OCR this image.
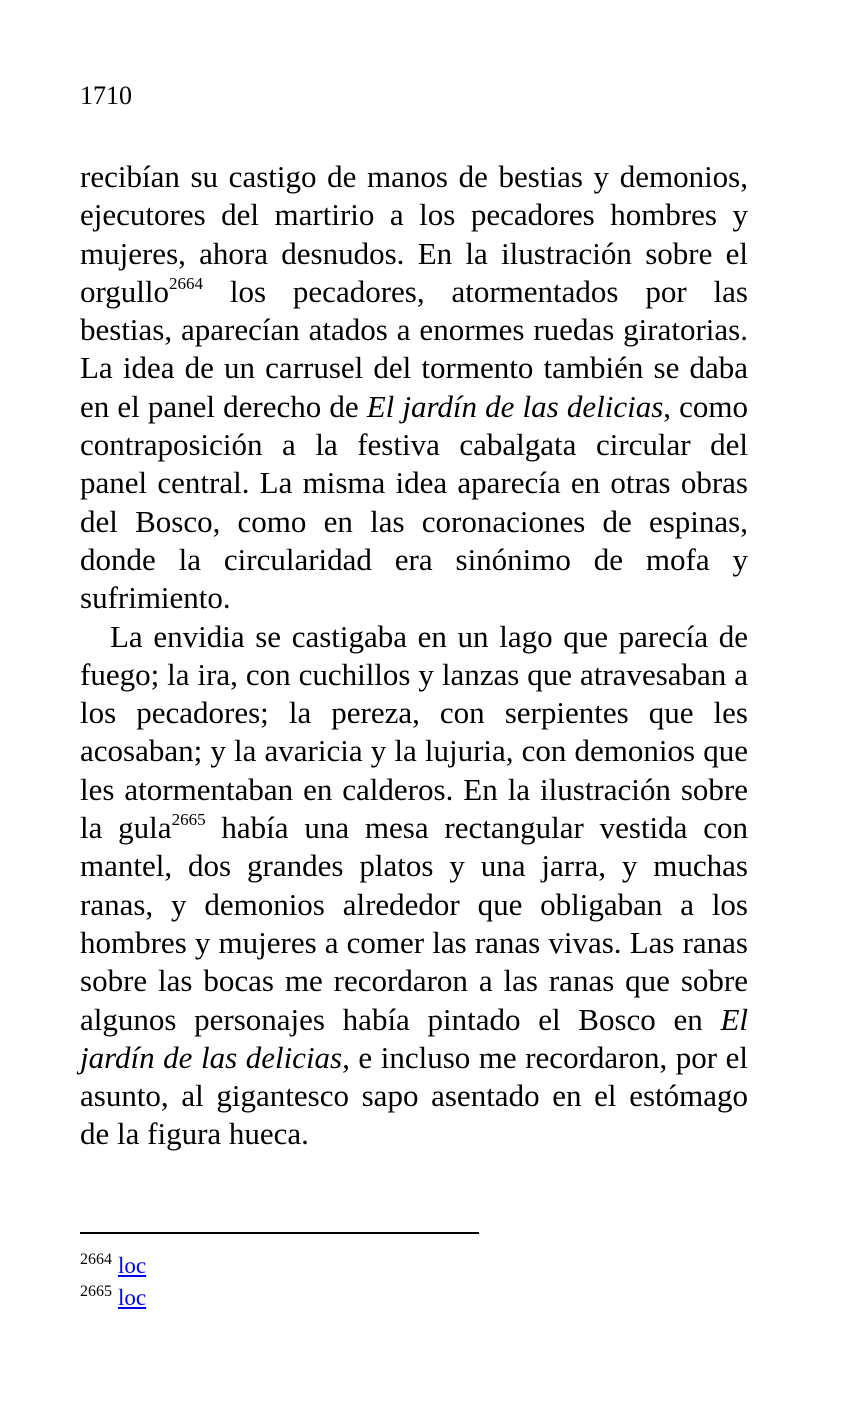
1710

recibían su castigo de manos de bestias y demonios, ejecutores del martirio a los pecadores hombres y mujeres, ahora desnudos. En la ilustración sobre el orgullo$^{2664}$ los pecadores, atormentados por las bestias, aparecían atados a enormes ruedas giratorias. La idea de un carrusel del tormento también se daba en el panel derecho de El jardín de las delicias, como contraposición a la festiva cabalgata circular del panel central. La misma idea aparecía en otras obras del Bosco, como en las coronaciones de espinas, donde la circularidad era sinónimo de mofa y sufrimiento.

La envidia se castigaba en un lago que parecía de fuego; la ira, con cuchillos y lanzas que atravesaban a los pecadores; la pereza, con serpientes que les acosaban; y la avaricia y la lujuria, con demonios que les atormentaban en calderos. En la ilustración sobre la gula$^{2665}$ había una mesa rectangular vestida con mantel, dos grandes platos y una jarra, y muchas ranas, y demonios alrededor que obligaban a los hombres y mujeres a comer las ranas vivas. Las ranas sobre las bocas me recordaron a las ranas que sobre algunos personajes había pintado el Bosco en El jardín de las delicias, e incluso me recordaron, por el asunto, al gigantesco sapo asentado en el estómago de la figura hueca.

$^{2664}$ loc
$^{2665}$ loc
